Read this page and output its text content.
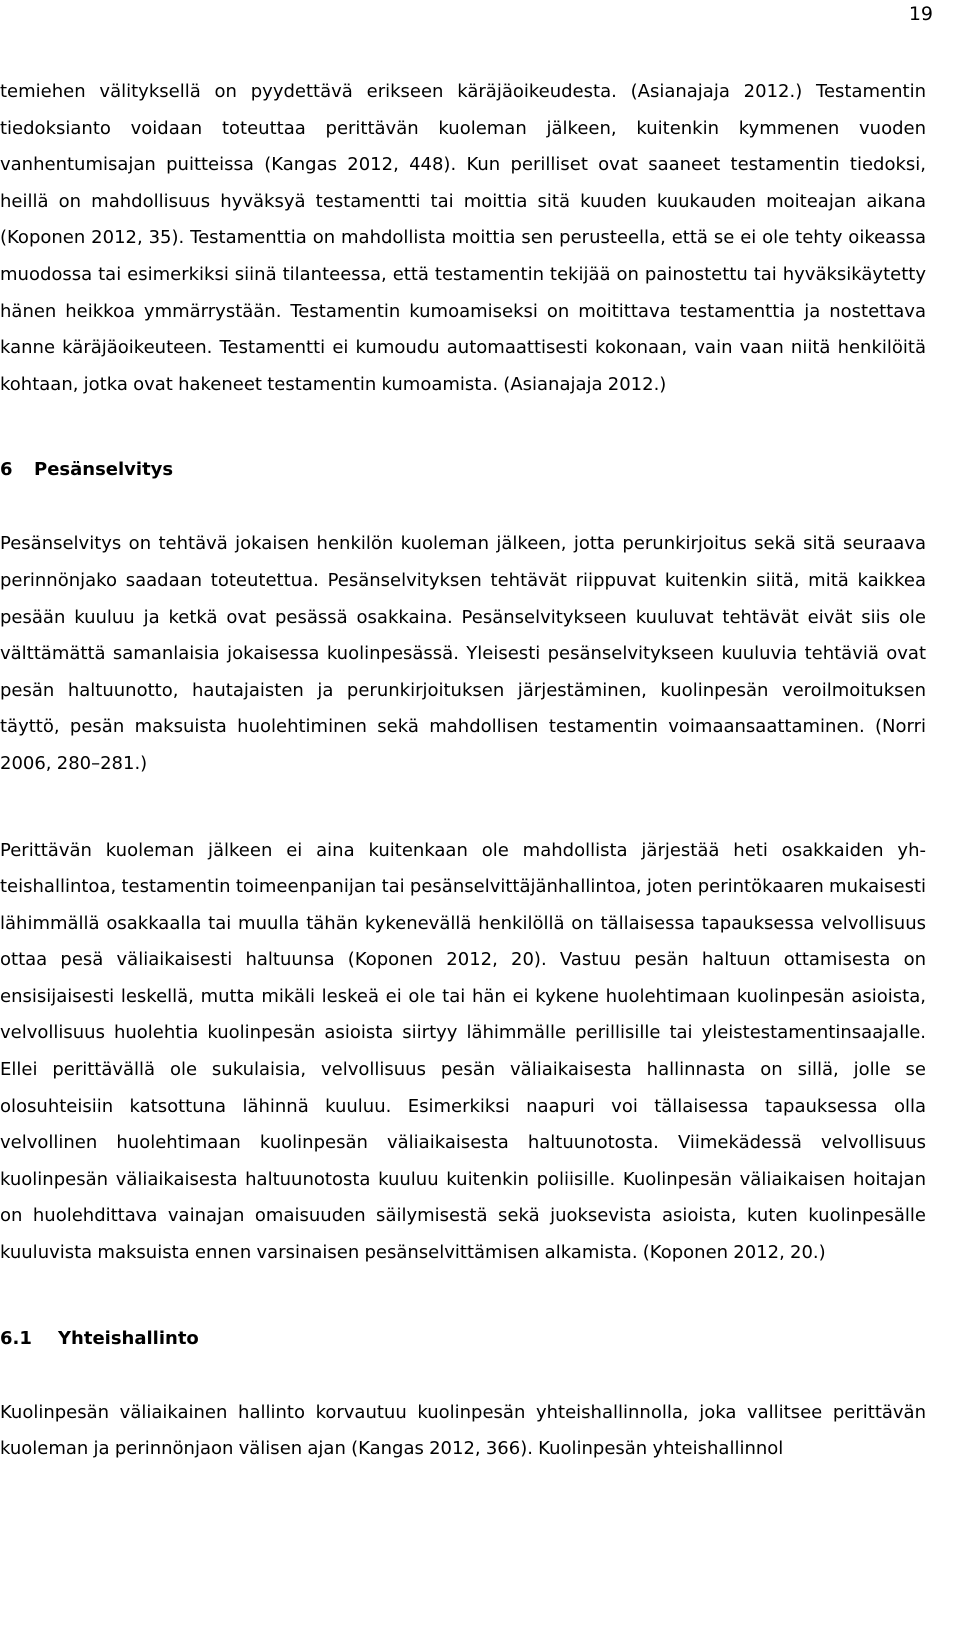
19

temiehen välityksellä on pyydettävä erikseen käräjäoikeudesta. (Asianajaja 2012.) Testamentin tiedoksianto voidaan toteuttaa perittävän kuoleman jälkeen, kuitenkin kymmenen vuoden vanhentumisajan puitteissa (Kangas 2012, 448). Kun perilliset ovat saaneet testamentin tiedoksi, heillä on mahdollisuus hyväksyä testamentti tai moittia sitä kuuden kuukauden moiteajan aikana (Koponen 2012, 35). Testamenttia on mahdollista moittia sen perusteella, että se ei ole tehty oikeassa muodossa tai esimerkiksi siinä tilanteessa, että testamentin tekijää on painostettu tai hyväksikäytetty hänen heikkoa ymmärrystään. Testamentin kumoamiseksi on moitittava testamenttia ja nostettava kanne käräjäoikeuteen. Testamentti ei kumoudu automaattisesti kokonaan, vain vaan niitä henkilöitä kohtaan, jotka ovat hakeneet testamentin kumoamista. (Asianajaja 2012.)

6 Pesänselvitys

Pesänselvitys on tehtävä jokaisen henkilön kuoleman jälkeen, jotta perunkirjoitus sekä sitä seuraava perinnönjako saadaan toteutettua. Pesänselvityksen tehtävät riippuvat kuitenkin siitä, mitä kaikkea pesään kuuluu ja ketkä ovat pesässä osakkaina. Pesänselvitykseen kuuluvat tehtävät eivät siis ole välttämättä samanlaisia jokaisessa kuolinpesässä. Yleisesti pesänselvitykseen kuuluvia tehtäviä ovat pesän haltuunotto, hautajaisten ja perunkirjoituksen järjestäminen, kuolinpesän veroilmoituksen täyttö, pesän maksuista huolehtiminen sekä mahdollisen testamentin voimaansaattaminen. (Norri 2006, 280–281.)

Perittävän kuoleman jälkeen ei aina kuitenkaan ole mahdollista järjestää heti osakkaiden yhteishallintoa, testamentin toimeenpanijan tai pesänselvittäjänhallintoa, joten perintökaaren mukaisesti lähimmällä osakkaalla tai muulla tähän kykenevällä henkilöllä on tällaisessa tapauksessa velvollisuus ottaa pesä väliaikaisesti haltuunsa (Koponen 2012, 20). Vastuu pesän haltuun ottamisesta on ensisijaisesti leskellä, mutta mikäli leskeä ei ole tai hän ei kykene huolehtimaan kuolinpesän asioista, velvollisuus huolehtia kuolinpesän asioista siirtyy lähimmälle perillisille tai yleistestamentinsaajalle. Ellei perittävällä ole sukulaisia, velvollisuus pesän väliaikaisesta hallinnasta on sillä, jolle se olosuhteisiin katsottuna lähinnä kuuluu. Esimerkiksi naapuri voi tällaisessa tapauksessa olla velvollinen huolehtimaan kuolinpesän väliaikaisesta haltuunotosta. Viimekädessä velvollisuus kuolinpesän väliaikaisesta haltuunotosta kuuluu kuitenkin poliisille. Kuolinpesän väliaikaisen hoitajan on huolehdittava vainajan omaisuuden säilymisestä sekä juoksevista asioista, kuten kuolinpesälle kuuluvista maksuista ennen varsinaisen pesänselvittämisen alkamista. (Koponen 2012, 20.)

6.1 Yhteishallinto

Kuolinpesän väliaikainen hallinto korvautuu kuolinpesän yhteishallinnolla, joka vallitsee perittävän kuoleman ja perinnönjaon välisen ajan (Kangas 2012, 366). Kuolinpesän yhteishallinnol
